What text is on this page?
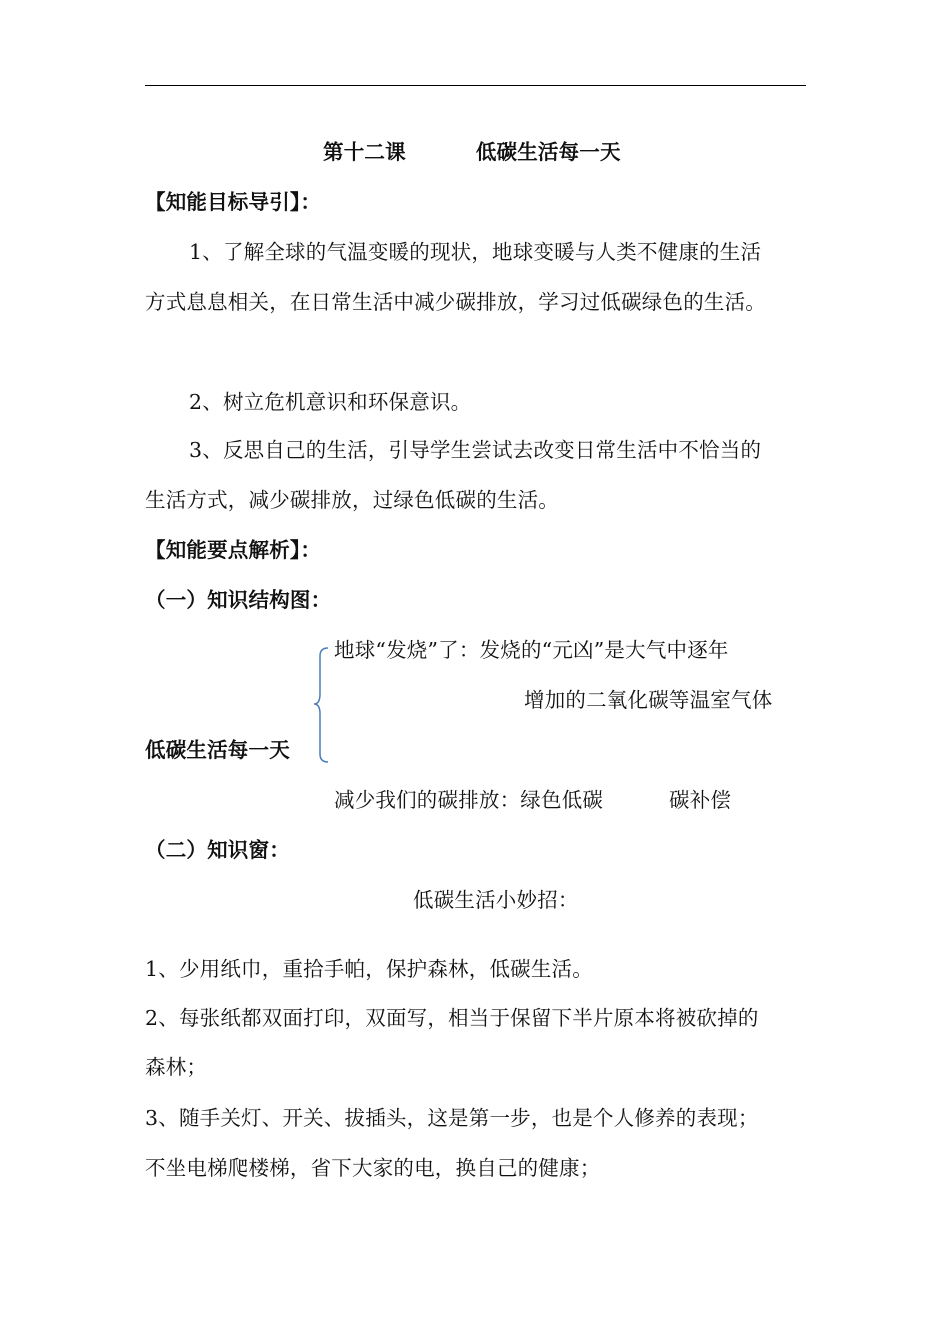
第十二课	低碳生活每一天
【知能目标导引】：
1、了解全球的气温变暖的现状，地球变暖与人类不健康的生活
方式息息相关，在日常生活中减少碳排放，学习过低碳绿色的生活。
2、树立危机意识和环保意识。
3、反思自己的生活，引导学生尝试去改变日常生活中不恰当的
生活方式，减少碳排放，过绿色低碳的生活。
【知能要点解析】：
（一）知识结构图：
地球“发烧”了：发烧的“元凶”是大气中逐年
增加的二氧化碳等温室气体
低碳生活每一天
减少我们的碳排放：绿色低碳	碳补偿
（二）知识窗：
低碳生活小妙招：
1、少用纸巾，重拾手帕，保护森林，低碳生活。
2、每张纸都双面打印，双面写，相当于保留下半片原本将被砍掉的
森林；
3、随手关灯、开关、拔插头，这是第一步，也是个人修养的表现；
不坐电梯爬楼梯，省下大家的电，换自己的健康；
